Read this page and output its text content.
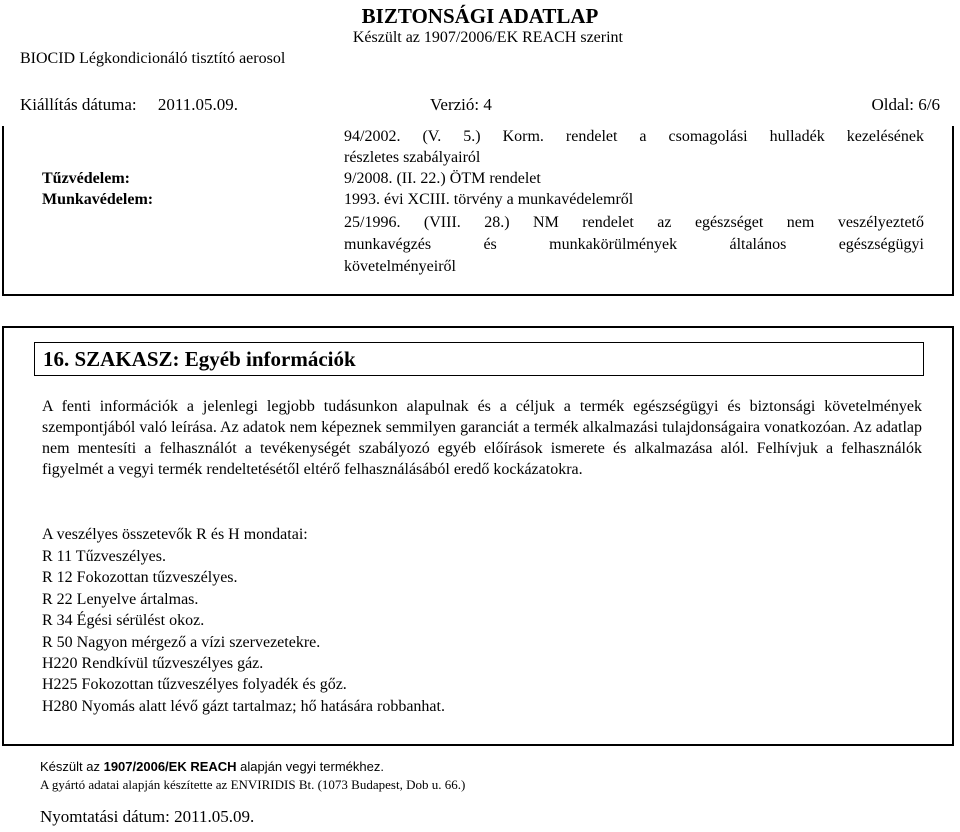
BIZTONSÁGI ADATLAP
Készült az 1907/2006/EK REACH szerint
BIOCID Légkondicionáló tisztító aerosol
Kiállítás dátuma:     2011.05.09.	Verzió: 4	Oldal: 6/6
94/2002. (V. 5.) Korm. rendelet a csomagolási hulladék kezelésének
részletes szabályairól
Tűzvédelem:	9/2008. (II. 22.) ÖTM rendelet
Munkavédelem:	1993. évi XCIII. törvény a munkavédelemről
25/1996. (VIII. 28.) NM rendelet az egészséget nem veszélyeztető
munkavégzés és munkakörülmények általános egészségügyi
követelményeiről
16. SZAKASZ: Egyéb információk
A fenti információk a jelenlegi legjobb tudásunkon alapulnak és a céljuk a termék egészségügyi és biztonsági követelmények szempontjából való leírása. Az adatok nem képeznek semmilyen garanciát a termék alkalmazási tulajdonságaira vonatkozóan. Az adatlap nem mentesíti a felhasználót a tevékenységét szabályozó egyéb előírások ismerete és alkalmazása alól. Felhívjuk a felhasználók figyelmét a vegyi termék rendeltetésétől eltérő felhasználásából eredő kockázatokra.
A veszélyes összetevők R és H mondatai:
R 11 Tűzveszélyes.
R 12 Fokozottan tűzveszélyes.
R 22 Lenyelve ártalmas.
R 34 Égési sérülést okoz.
R 50 Nagyon mérgező a vízi szervezetekre.
H220 Rendkívül tűzveszélyes gáz.
H225 Fokozottan tűzveszélyes folyadék és gőz.
H280 Nyomás alatt lévő gázt tartalmaz; hő hatására robbanhat.
Készült az 1907/2006/EK REACH alapján vegyi termékhez.
A gyártó adatai alapján készítette az ENVIRIDIS Bt. (1073 Budapest, Dob u. 66.)
Nyomtatási dátum: 2011.05.09.
